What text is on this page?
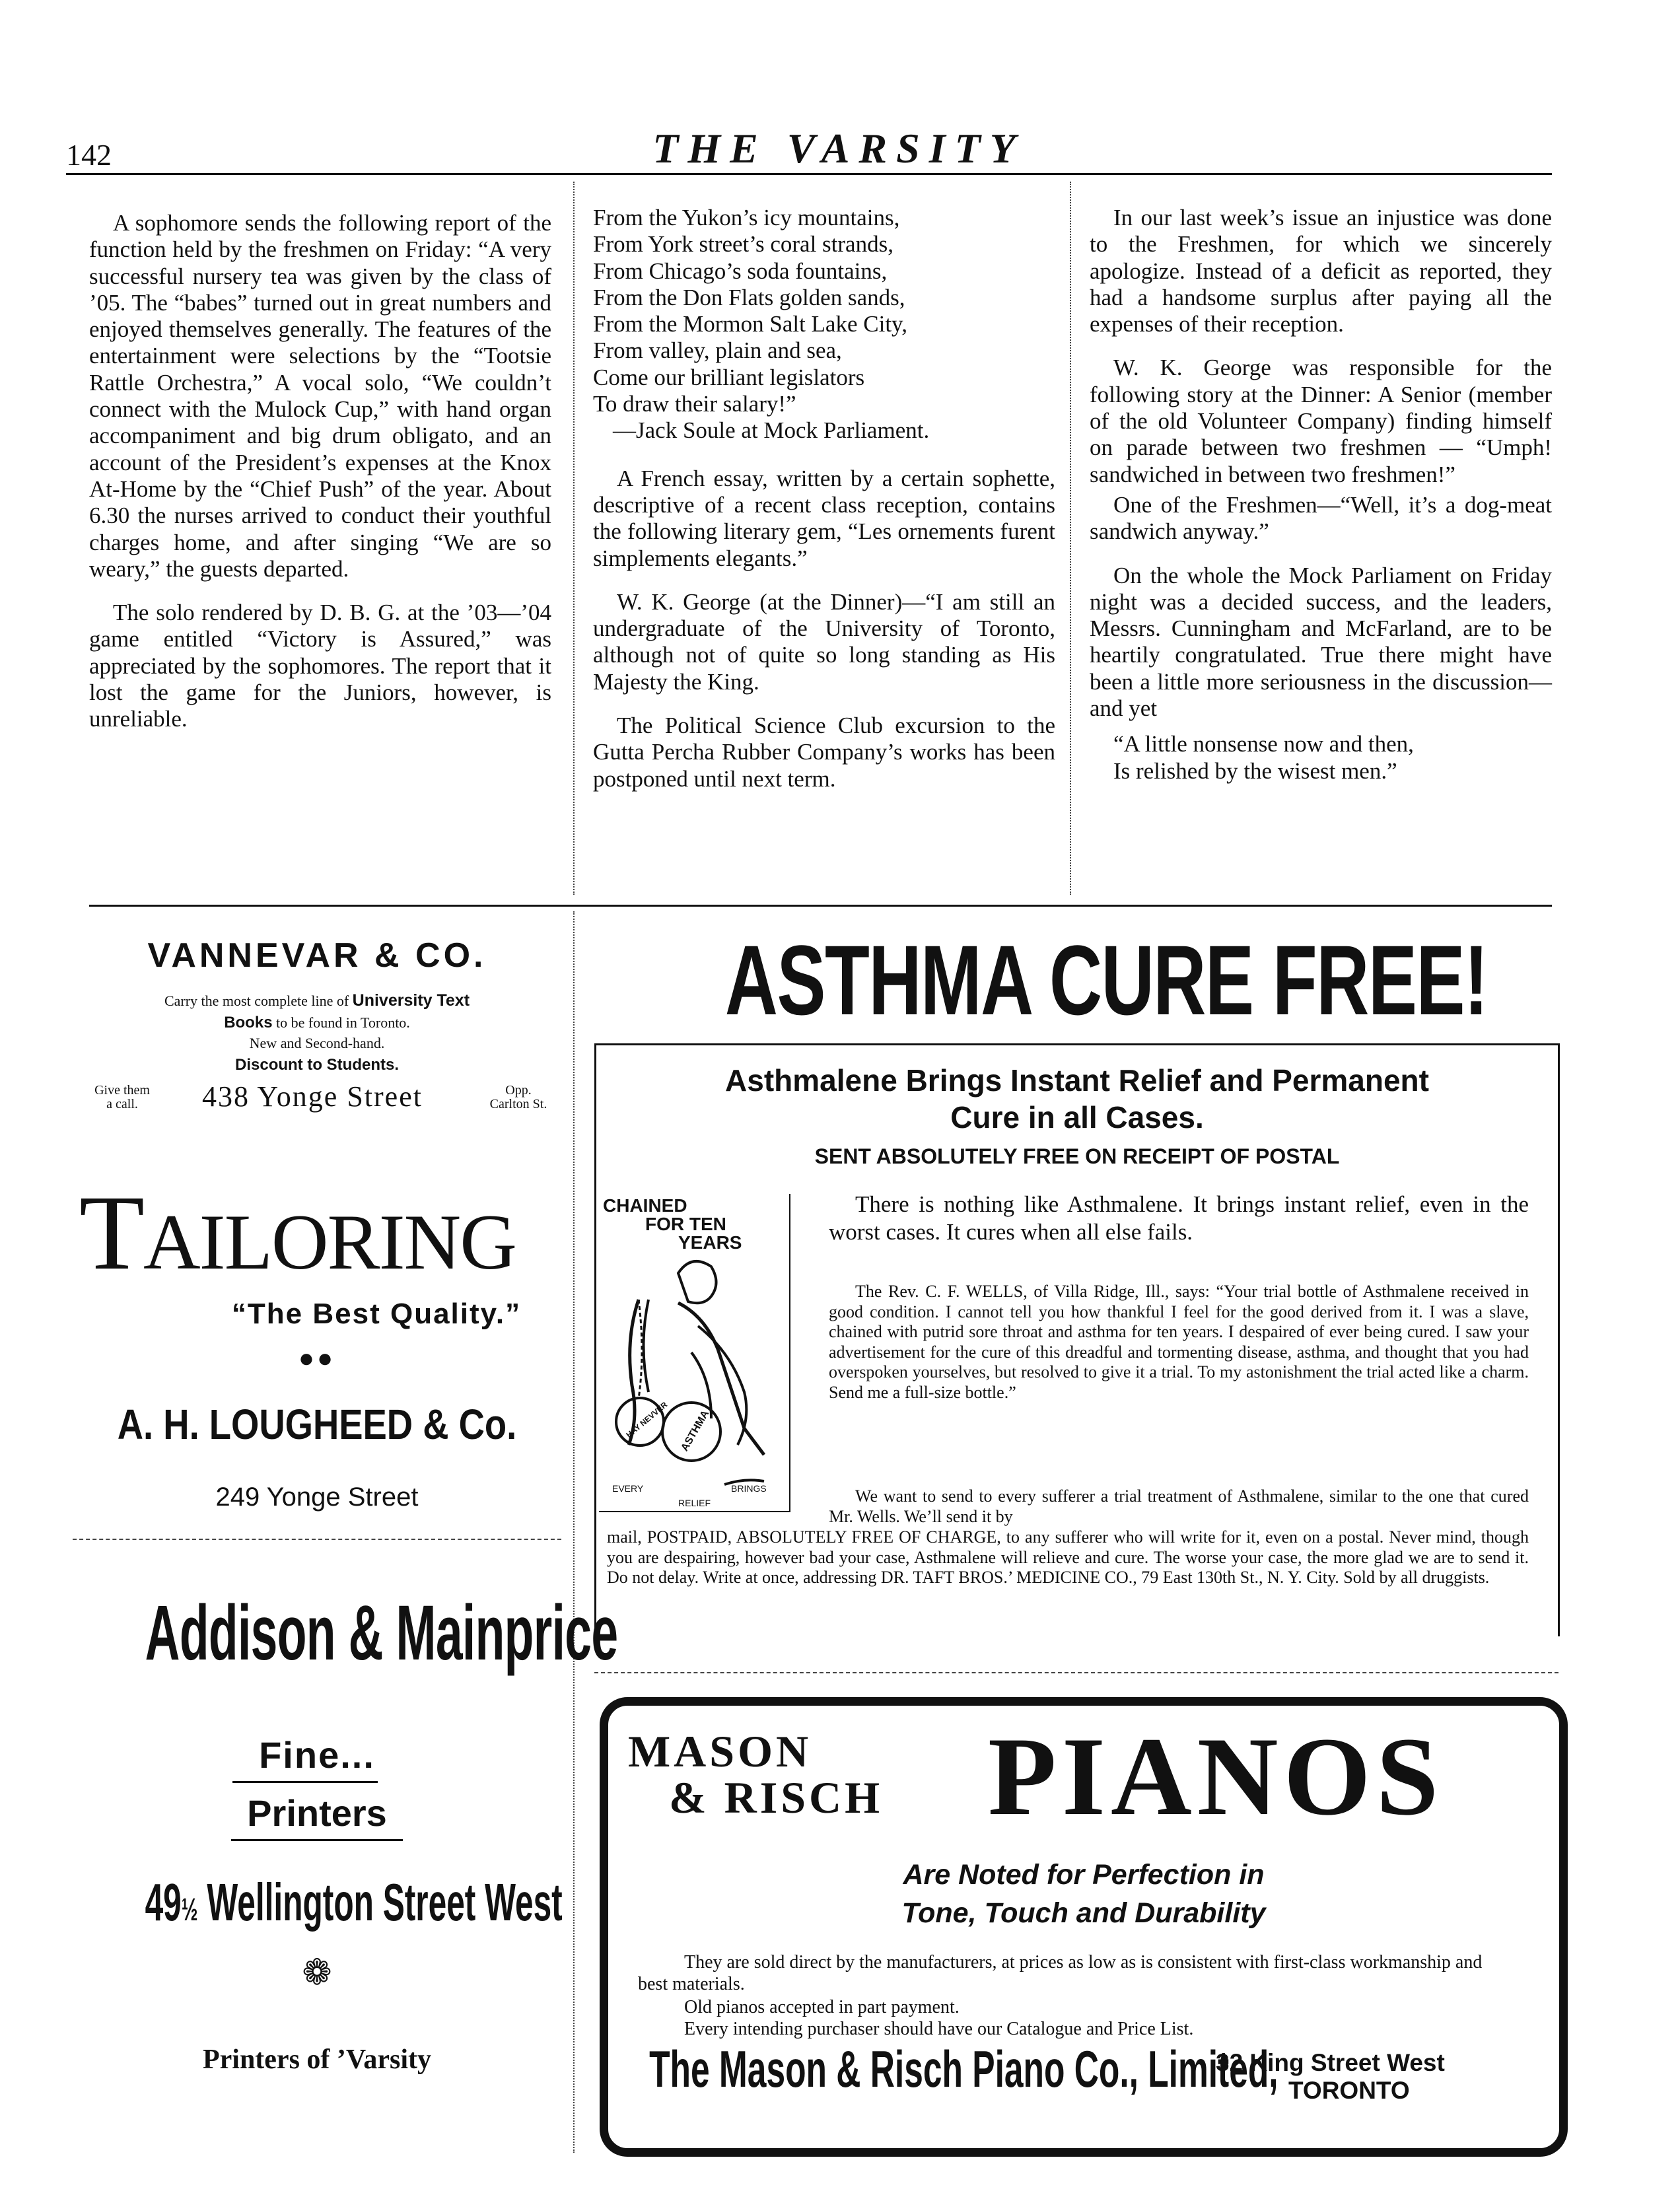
142	THE VARSITY

A sophomore sends the following report of the function held by the freshmen on Friday: “A very successful nursery tea was given by the class of ’05. The “babes” turned out in great numbers and enjoyed themselves generally. The features of the entertainment were selections by the “Tootsie Rattle Orchestra,” A vocal solo, “We couldn’t connect with the Mulock Cup,” with hand organ accompaniment and big drum obligato, and an account of the President’s expenses at the Knox At-Home by the “Chief Push” of the year. About 6.30 the nurses arrived to conduct their youthful charges home, and after singing “We are so weary,” the guests departed.

The solo rendered by D. B. G. at the ’03—’04 game entitled “Victory is Assured,” was appreciated by the sophomores. The report that it lost the game for the Juniors, however, is unreliable.

From the Yukon’s icy mountains,
From York street’s coral strands,
From Chicago’s soda fountains,
From the Don Flats golden sands,
From the Mormon Salt Lake City,
From valley, plain and sea,
Come our brilliant legislators
To draw their salary!”
—Jack Soule at Mock Parliament.

A French essay, written by a certain sophette, descriptive of a recent class reception, contains the following literary gem, “Les ornements furent simplements elegants.”

W. K. George (at the Dinner)—“I am still an undergraduate of the University of Toronto, although not of quite so long standing as His Majesty the King.

The Political Science Club excursion to the Gutta Percha Rubber Company’s works has been postponed until next term.

In our last week’s issue an injustice was done to the Freshmen, for which we sincerely apologize. Instead of a deficit as reported, they had a handsome surplus after paying all the expenses of their reception.

W. K. George was responsible for the following story at the Dinner: A Senior (member of the old Volunteer Company) finding himself on parade between two freshmen — “Umph! sandwiched in between two freshmen!”

One of the Freshmen—“Well, it’s a dog-meat sandwich anyway.”

On the whole the Mock Parliament on Friday night was a decided success, and the leaders, Messrs. Cunningham and McFarland, are to be heartily congratulated. True there might have been a little more seriousness in the discussion—and yet

“A little nonsense now and then,
Is relished by the wisest men.”
VANNEVAR & CO.
Carry the most complete line of University Text
Books to be found in Toronto.
New and Second-hand.
Discount to Students.
Give them
a call.	438 Yonge Street	Opp.
Carlton St.
TAILORING
“The Best Quality.”
●●
A. H. LOUGHEED & Co.
249 Yonge Street
Addison & Mainprice
Fine...
Printers
49½ Wellington Street West
❁
Printers of ’Varsity
ASTHMA CURE FREE!
Asthmalene Brings Instant Relief and Permanent
Cure in all Cases.
SENT ABSOLUTELY FREE ON RECEIPT OF POSTAL
CHAINED
FOR TEN
YEARS
HAY NEVVER ASTHMA
EVERY	BRINGS
RELIEF
There is nothing like Asthmalene. It brings instant relief, even in the worst cases. It cures when all else fails.
The Rev. C. F. WELLS, of Villa Ridge, Ill., says: “Your trial bottle of Asthmalene received in good condition. I cannot tell you how thankful I feel for the good derived from it. I was a slave, chained with putrid sore throat and asthma for ten years. I despaired of ever being cured. I saw your advertisement for the cure of this dreadful and tormenting disease, asthma, and thought that you had overspoken yourselves, but resolved to give it a trial. To my astonishment the trial acted like a charm. Send me a full-size bottle.”
We want to send to every sufferer a trial treatment of Asthmalene, similar to the one that cured Mr. Wells. We’ll send it by
mail, POSTPAID, ABSOLUTELY FREE OF CHARGE, to any sufferer who will write for it, even on a postal. Never mind, though you are despairing, however bad your case, Asthmalene will relieve and cure. The worse your case, the more glad we are to send it. Do not delay. Write at once, addressing DR. TAFT BROS.’ MEDICINE CO., 79 East 130th St., N. Y. City. Sold by all druggists.
MASON
& RISCH PIANOS
Are Noted for Perfection in
Tone, Touch and Durability
They are sold direct by the manufacturers, at prices as low as is consistent with first-class workmanship and best materials.
Old pianos accepted in part payment.
Every intending purchaser should have our Catalogue and Price List.
The Mason & Risch Piano Co., Limited,
32 King Street West
TORONTO
